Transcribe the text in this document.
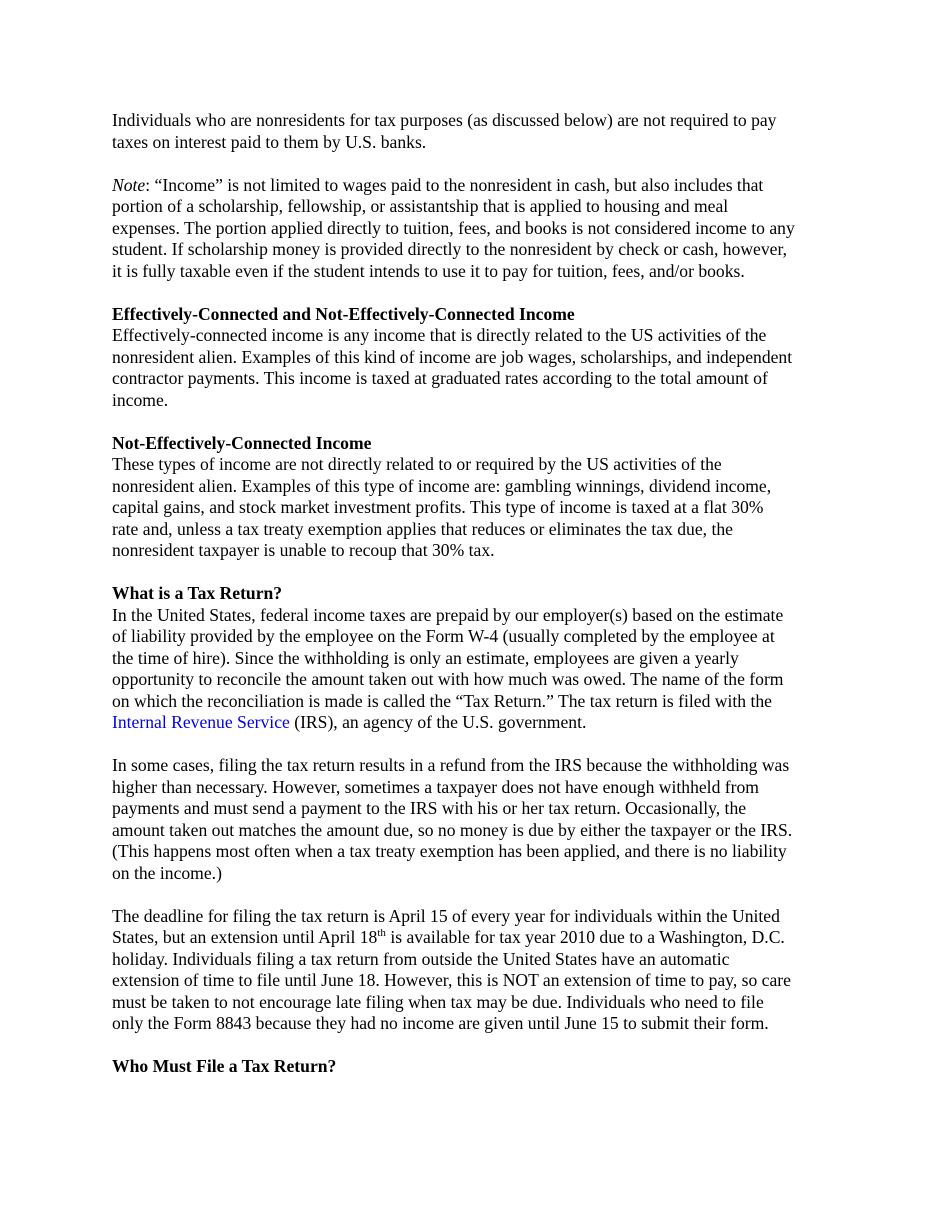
Individuals who are nonresidents for tax purposes (as discussed below) are not required to pay

taxes on interest paid to them by U.S. banks.

Note: “Income” is not limited to wages paid to the nonresident in cash, but also includes that

portion of a scholarship, fellowship, or assistantship that is applied to housing and meal

expenses. The portion applied directly to tuition, fees, and books is not considered income to any

student. If scholarship money is provided directly to the nonresident by check or cash, however,

it is fully taxable even if the student intends to use it to pay for tuition, fees, and/or books.

Effectively-Connected and Not-Effectively-Connected Income

Effectively-connected income is any income that is directly related to the US activities of the

nonresident alien. Examples of this kind of income are job wages, scholarships, and independent

contractor payments. This income is taxed at graduated rates according to the total amount of

income.

Not-Effectively-Connected Income

These types of income are not directly related to or required by the US activities of the

nonresident alien. Examples of this type of income are: gambling winnings, dividend income,

capital gains, and stock market investment profits. This type of income is taxed at a flat 30%

rate and, unless a tax treaty exemption applies that reduces or eliminates the tax due, the

nonresident taxpayer is unable to recoup that 30% tax.

What is a Tax Return?

In the United States, federal income taxes are prepaid by our employer(s) based on the estimate

of liability provided by the employee on the Form W-4 (usually completed by the employee at

the time of hire). Since the withholding is only an estimate, employees are given a yearly

opportunity to reconcile the amount taken out with how much was owed. The name of the form

on which the reconciliation is made is called the “Tax Return.” The tax return is filed with the

Internal Revenue Service (IRS), an agency of the U.S. government.

In some cases, filing the tax return results in a refund from the IRS because the withholding was

higher than necessary. However, sometimes a taxpayer does not have enough withheld from

payments and must send a payment to the IRS with his or her tax return. Occasionally, the

amount taken out matches the amount due, so no money is due by either the taxpayer or the IRS.

(This happens most often when a tax treaty exemption has been applied, and there is no liability

on the income.)

The deadline for filing the tax return is April 15 of every year for individuals within the United

States, but an extension until April 18th is available for tax year 2010 due to a Washington, D.C.

holiday. Individuals filing a tax return from outside the United States have an automatic

extension of time to file until June 18. However, this is NOT an extension of time to pay, so care

must be taken to not encourage late filing when tax may be due. Individuals who need to file

only the Form 8843 because they had no income are given until June 15 to submit their form.

Who Must File a Tax Return?
